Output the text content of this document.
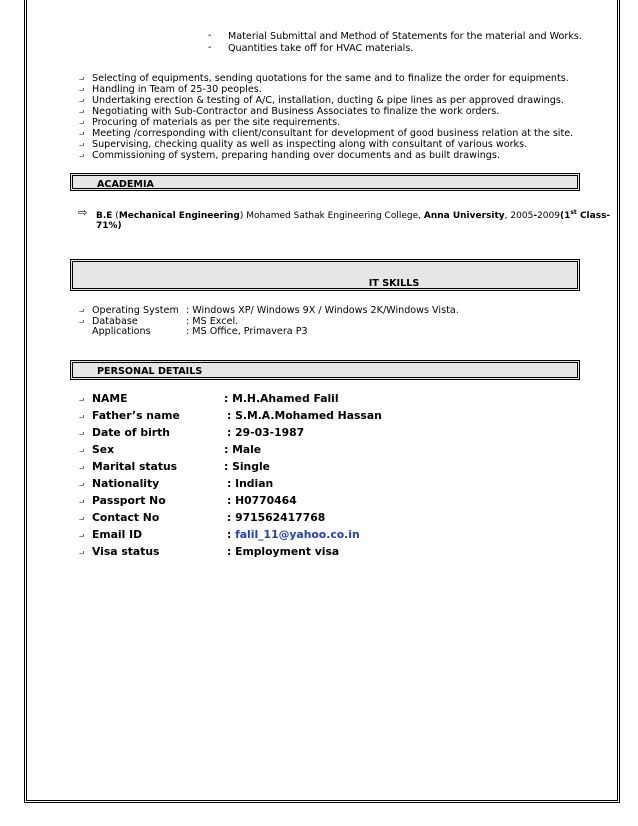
- Material Submittal and Method of Statements for the material and Works.
- Quantities take off for HVAC materials.
⨼ Selecting of equipments, sending quotations for the same and to finalize the order for equipments.
⨼ Handling in Team of 25-30 peoples.
⨼ Undertaking erection & testing of A/C, installation, ducting & pipe lines as per approved drawings.
⨼ Negotiating with Sub-Contractor and Business Associates to finalize the work orders.
⨼ Procuring of materials as per the site requirements.
⨼ Meeting /corresponding with client/consultant for development of good business relation at the site.
⨼ Supervising, checking quality as well as inspecting along with consultant of various works.
⨼ Commissioning of system, preparing handing over documents and as built drawings.
ACADEMIA
⇨ B.E (Mechanical Engineering) Mohamed Sathak Engineering College, Anna University, 2005-2009(1st Class-
71%)
IT SKILLS
⨼ Operating System : Windows XP/ Windows 9X / Windows 2K/Windows Vista.
⨼ Database	: MS Excel.
Applications	: MS Office, Primavera P3
PERSONAL DETAILS
⨼ NAME	: M.H.Ahamed Falil
⨼ Father’s name	: S.M.A.Mohamed Hassan
⨼ Date of birth	: 29-03-1987
⨼ Sex	: Male
⨼ Marital status	: Single
⨼ Nationality	: Indian
⨼ Passport No	: H0770464
⨼ Contact No	: 971562417768
⨼ Email ID	: falil_11@yahoo.co.in
⨼ Visa status	: Employment visa
